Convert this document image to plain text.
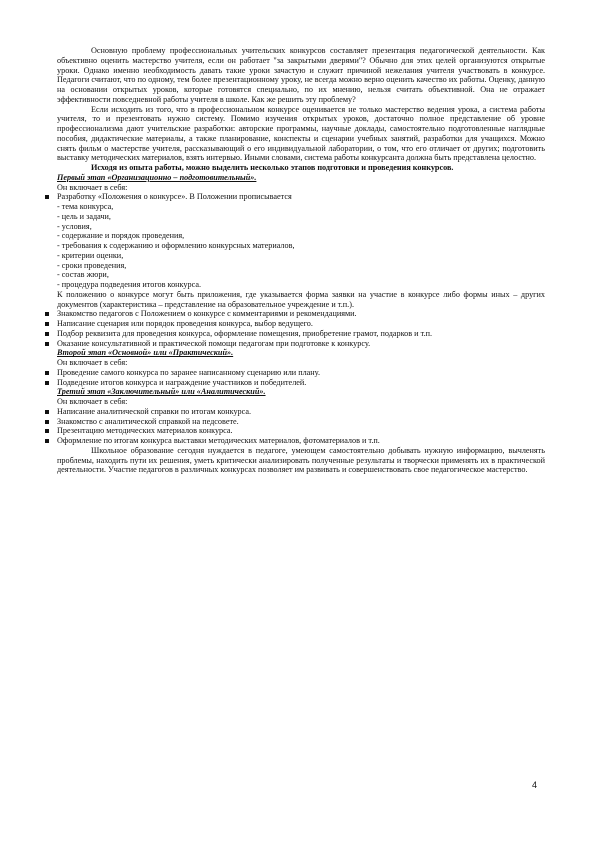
Основную проблему профессиональных учительских конкурсов составляет презентация педагогической деятельности. Как объективно оценить мастерство учителя, если он работает "за закрытыми дверями"? Обычно для этих целей организуются открытые уроки. Однако именно необходимость давать такие уроки зачастую и служит причиной нежелания учителя участвовать в конкурсе. Педагоги считают, что по одному, тем более презентационному уроку, не всегда можно верно оценить качество их работы. Оценку, данную на основании открытых уроков, которые готовятся специально, по их мнению, нельзя считать объективной. Она не отражает эффективности повседневной работы учителя в школе. Как же решить эту проблему?

Если исходить из того, что в профессиональном конкурсе оценивается не только мастерство ведения урока, а система работы учителя, то и презентовать нужно систему. Помимо изучения открытых уроков, достаточно полное представление об уровне профессионализма дают учительские разработки: авторские программы, научные доклады, самостоятельно подготовленные наглядные пособия, дидактические материалы, а также планирование, конспекты и сценарии учебных занятий, разработки для учащихся. Можно снять фильм о мастерстве учителя, рассказывающий о его индивидуальной лаборатории, о том, что его отличает от других; подготовить выставку методических материалов, взять интервью. Иными словами, система работы конкурсанта должна быть представлена целостно.

Исходя из опыта работы, можно выделить несколько этапов подготовки и проведения конкурсов.

Первый этап «Организационно – подготовительный».

Он включает в себя:

Разработку «Положения о конкурсе». В Положении прописывается
- тема конкурса,
- цель и задачи,
- условия,
- содержание и порядок проведения,
- требования к содержанию и оформлению конкурсных материалов,
- критерии оценки,
- сроки проведения,
- состав жюри,
- процедура подведения итогов конкурса.

К положению о конкурсе могут быть приложения, где указывается форма заявки на участие в конкурсе либо формы иных – других документов (характеристика – представление на образовательное учреждение и т.п.).

Знакомство педагогов с Положением о конкурсе с комментариями и рекомендациями.
Написание сценария или порядок проведения конкурса, выбор ведущего.
Подбор реквизита для проведения конкурса, оформление помещения, приобретение грамот, подарков и т.п.
Оказание консультативной и практической помощи педагогам при подготовке к конкурсу.

Второй этап «Основной» или «Практический».

Он включает в себя:

Проведение самого конкурса по заранее написанному сценарию или плану.
Подведение итогов конкурса и награждение участников и победителей.

Третий этап «Заключительный» или «Аналитический».

Он включает в себя:

Написание аналитической справки по итогам конкурса.
Знакомство с аналитической справкой на педсовете.
Презентацию методических материалов конкурса.
Оформление по итогам конкурса выставки методических материалов, фотоматериалов и т.п.

Школьное образование сегодня нуждается в педагоге, умеющем самостоятельно добывать нужную информацию, вычленять проблемы, находить пути их решения, уметь критически анализировать полученные результаты и творчески применять их в практической деятельности. Участие педагогов в различных конкурсах позволяет им развивать и совершенствовать свое педагогическое мастерство.

4
